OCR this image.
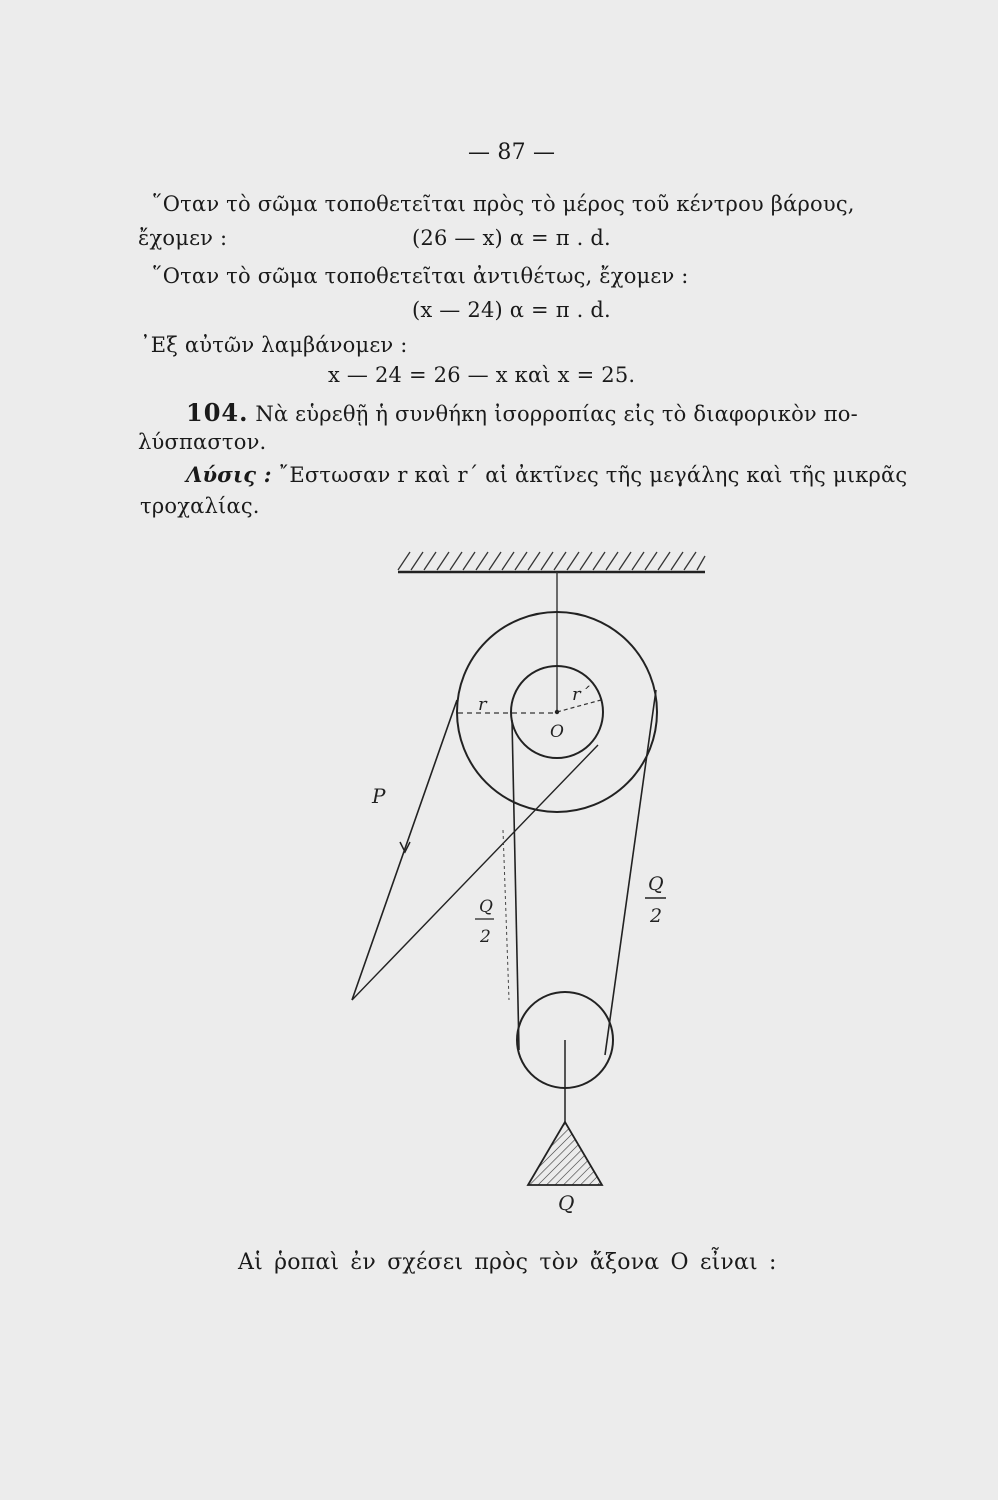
— 87 —
῞Οταν τὸ σῶμα τοποθετεῖται πρὸς τὸ μέρος τοῦ κέντρου βάρους,
ἔχομεν :	(26 — x) α = π . d.
῞Οταν τὸ σῶμα τοποθετεῖται ἀντιθέτως, ἔχομεν :
(x — 24) α = π . d.
᾿Εξ αὐτῶν λαμβάνομεν :
x — 24 = 26 — x καὶ x = 25.
104. Νὰ εὑρεθῇ ἡ συνθήκη ἰσορροπίας εἰς τὸ διαφορικὸν πο-
λύσπαστον.
Λύσις : ῎Εστωσαν r καὶ r΄ αἱ ἀκτῖνες τῆς μεγάλης καὶ τῆς μικρᾶς
τροχαλίας.
r	r΄
O
P
Q
Q
2
Q
2
Αἱ ῥοπαὶ ἐν σχέσει πρὸς τὸν ἄξονα Ο εἶναι :
